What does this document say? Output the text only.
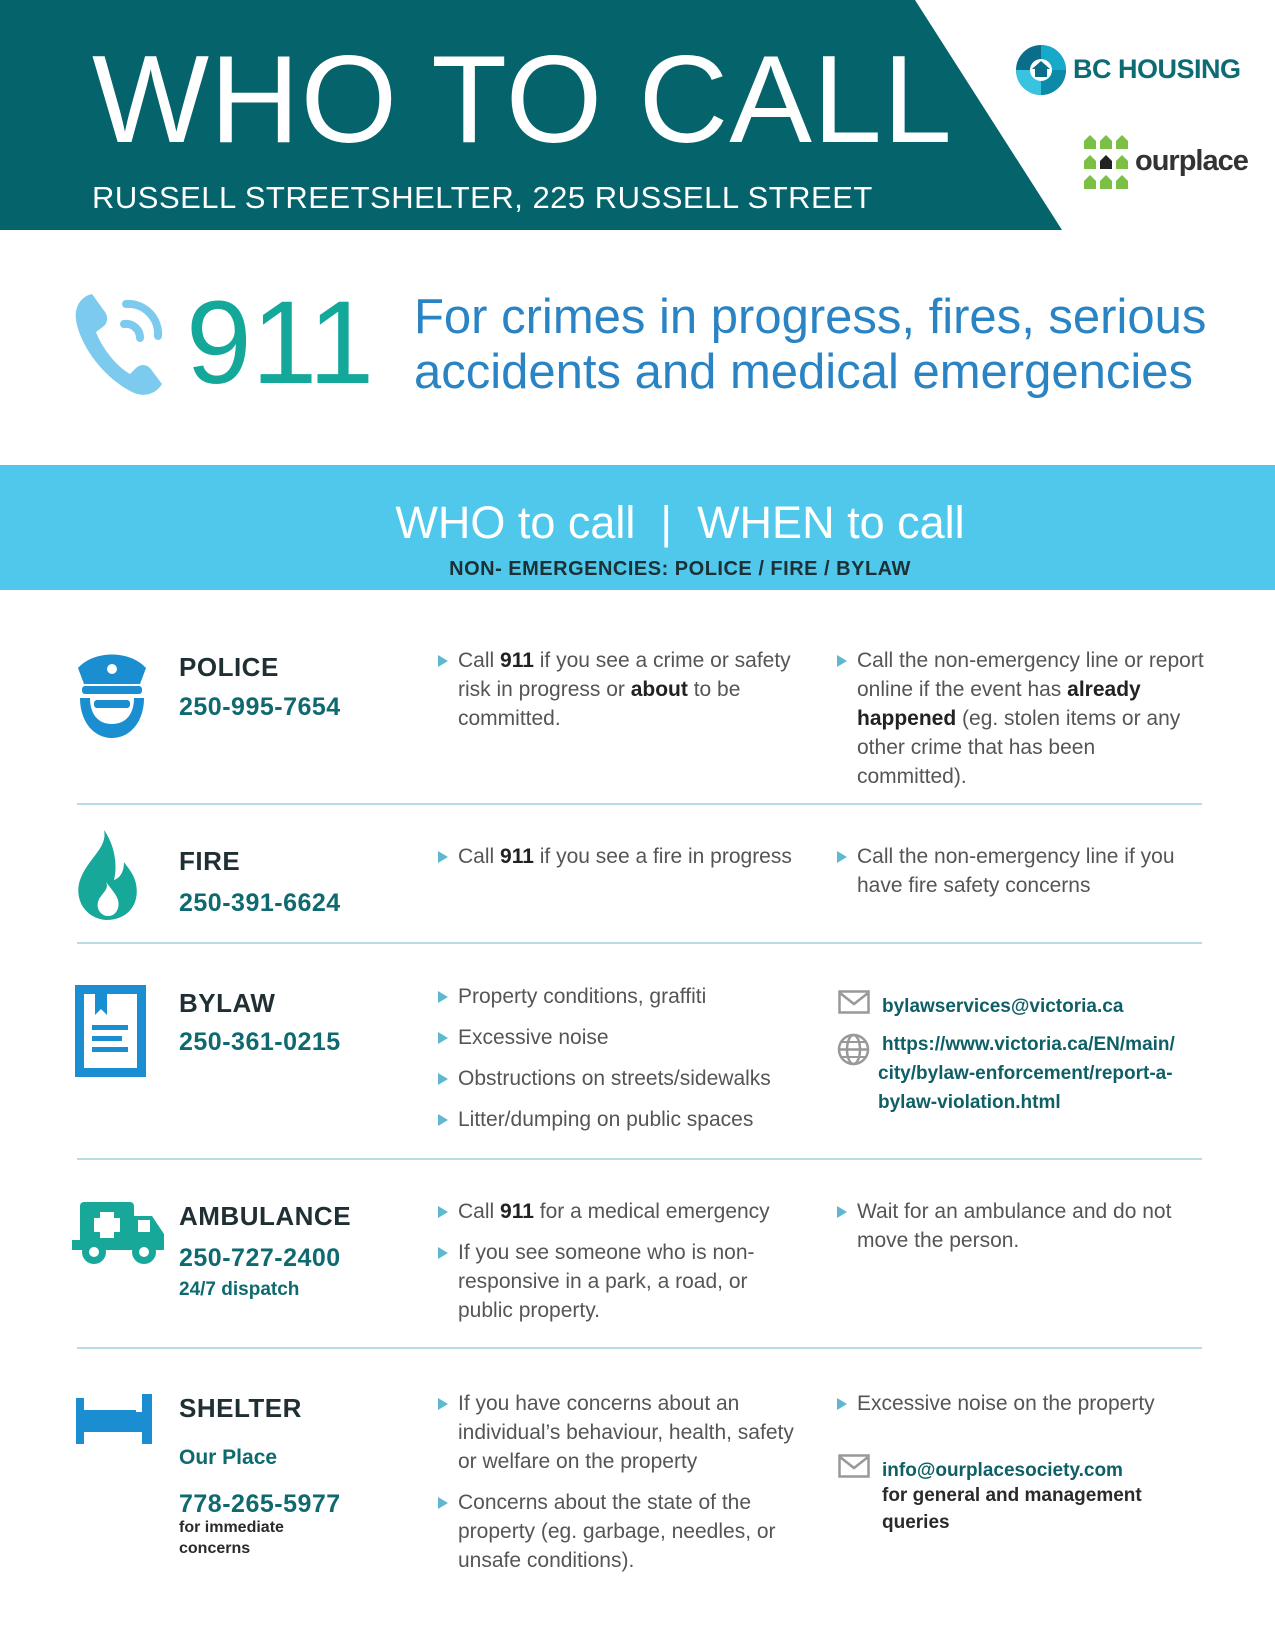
WHO TO CALL
RUSSELL STREETSHELTER, 225 RUSSELL STREET
BC HOUSING
ourplace
911 For crimes in progress, fires, serious
accidents and medical emergencies
WHO to call  |  WHEN to call
NON- EMERGENCIES: POLICE / FIRE / BYLAW
POLICE
250-995-7654
Call 911 if you see a crime or safety risk in progress or about to be committed.
Call the non-emergency line or report online if the event has already happened (eg. stolen items or any other crime that has been committed).
FIRE
250-391-6624
Call 911 if you see a fire in progress	Call the non-emergency line if you have fire safety concerns
BYLAW
250-361-0215
Property conditions, graffiti
Excessive noise
Obstructions on streets/sidewalks
Litter/dumping on public spaces
bylawservices@victoria.ca
https://www.victoria.ca/EN/main/
city/bylaw-enforcement/report-a-
bylaw-violation.html
AMBULANCE
250-727-2400
24/7 dispatch
Call 911 for a medical emergency
If you see someone who is non-responsive in a park, a road, or public property.
Wait for an ambulance and do not move the person.
SHELTER
Our Place
778-265-5977
for immediate concerns
If you have concerns about an individual’s behaviour, health, safety or welfare on the property
Concerns about the state of the property (eg. garbage, needles, or unsafe conditions).
Excessive noise on the property
info@ourplacesociety.com
for general and management queries
